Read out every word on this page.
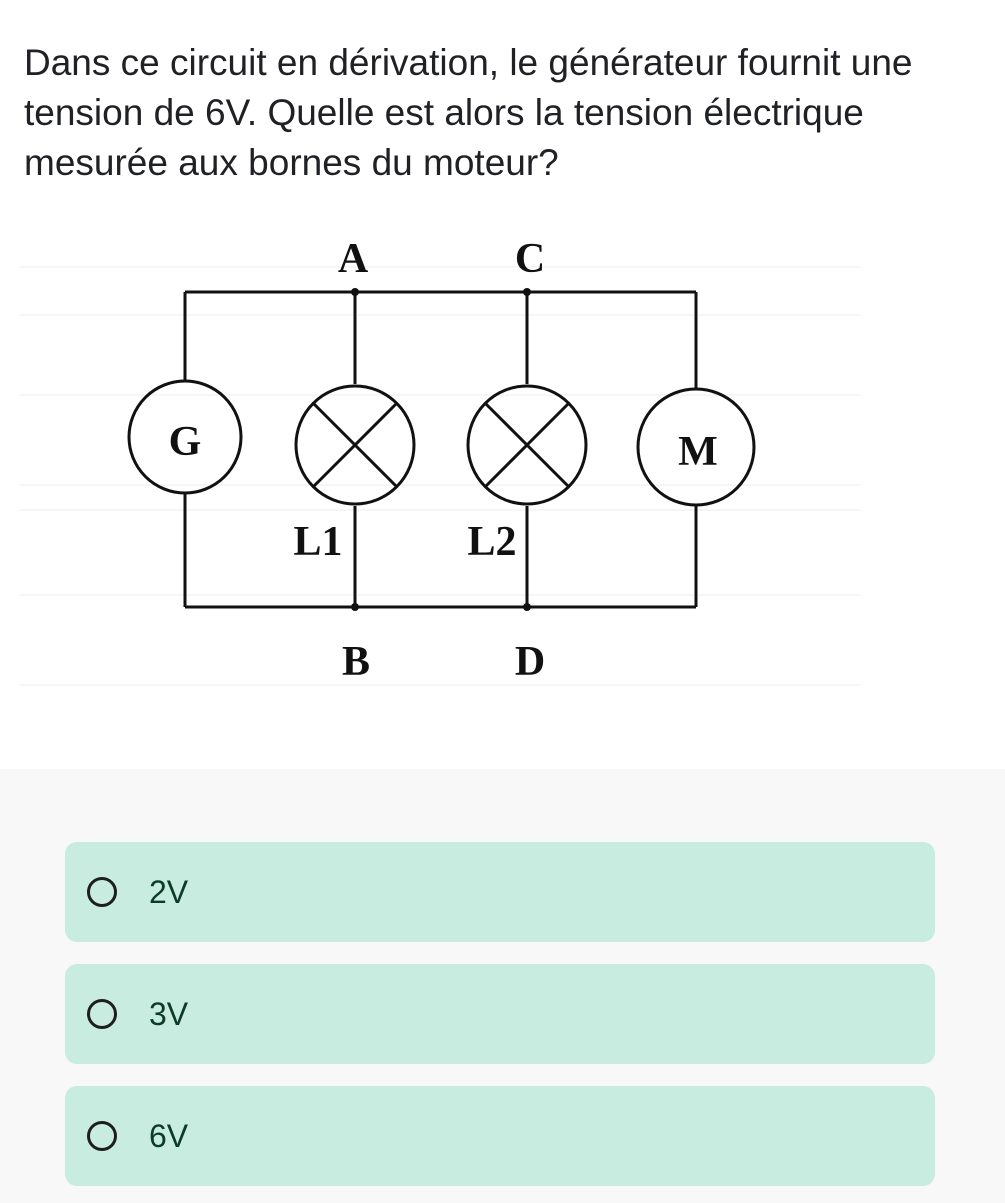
Dans ce circuit en dérivation, le générateur fournit une tension de 6V. Quelle est alors la tension électrique mesurée aux bornes du moteur?

A	C
G	M
L1	L2
B	D
2V
3V
6V
